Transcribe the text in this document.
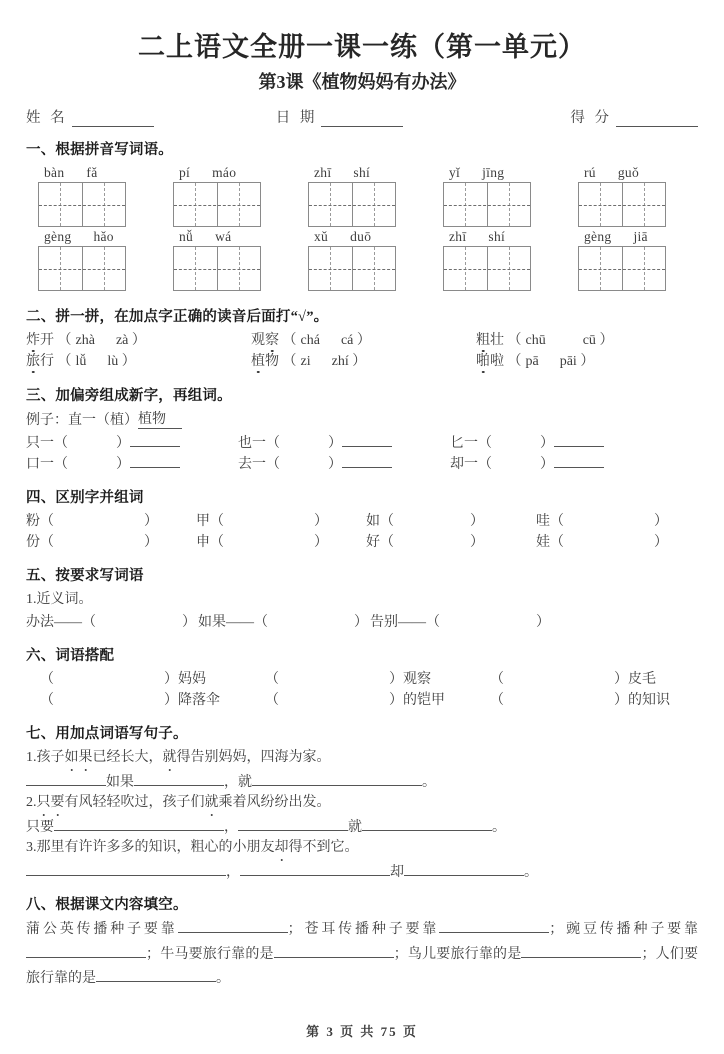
二上语文全册一课一练（第一单元）
第3课《植物妈妈有办法》
姓 名	日 期	得 分
一、根据拼音写词语。
bàn fǎ	pí máo	zhī shí	yǐ jīng	rú guǒ
gèng hǎo	nǚ wá	xǔ duō	zhī shí	gèng jiā
二、拼一拼，在加点字正确的读音后面打“√”。
炸开 （ zhà zà ）	观察 （ chá cá ）	粗壮 （ chū	cū ）
旅行 （ lǚ lù ）	植物 （ zi zhí ）	啪啦 （ pā pāi ）
三、加偏旁组成新字，再组词。
例子： 直一 （植） 植物
只一（	）	也一（	）	匕一（	）
口一（	）	去一（	）	却一（	）
四、区别字并组词
粉（	）	甲（	）	如（	）	哇（	）
份（	）	申（	）	好（	）	娃（	）
五、按要求写词语
1.近义词。
办法——（	） 如果——（	） 告别——（	）
六、词语搭配
（	）妈妈	（	）观察	（	）皮毛
（	）降落伞	（	）的铠甲	（	）的知识
七、用加点词语写句子。
1.孩子如果已经长大，就得告别妈妈，四海为家。
如果	，就	。
2.只要有风轻轻吹过，孩子们就乘着风纷纷出发。
只要	，	就	。
3.那里有许许多多的知识，粗心的小朋友却得不到它。
，	却	。
八、根据课文内容填空。
蒲公英传播种子要靠	；苍耳传播种子要靠	；豌豆传播种子要靠；牛马要旅行靠的是	；鸟儿要旅行靠的是	；人们要旅行靠的是	。
第 3 页 共 75 页
